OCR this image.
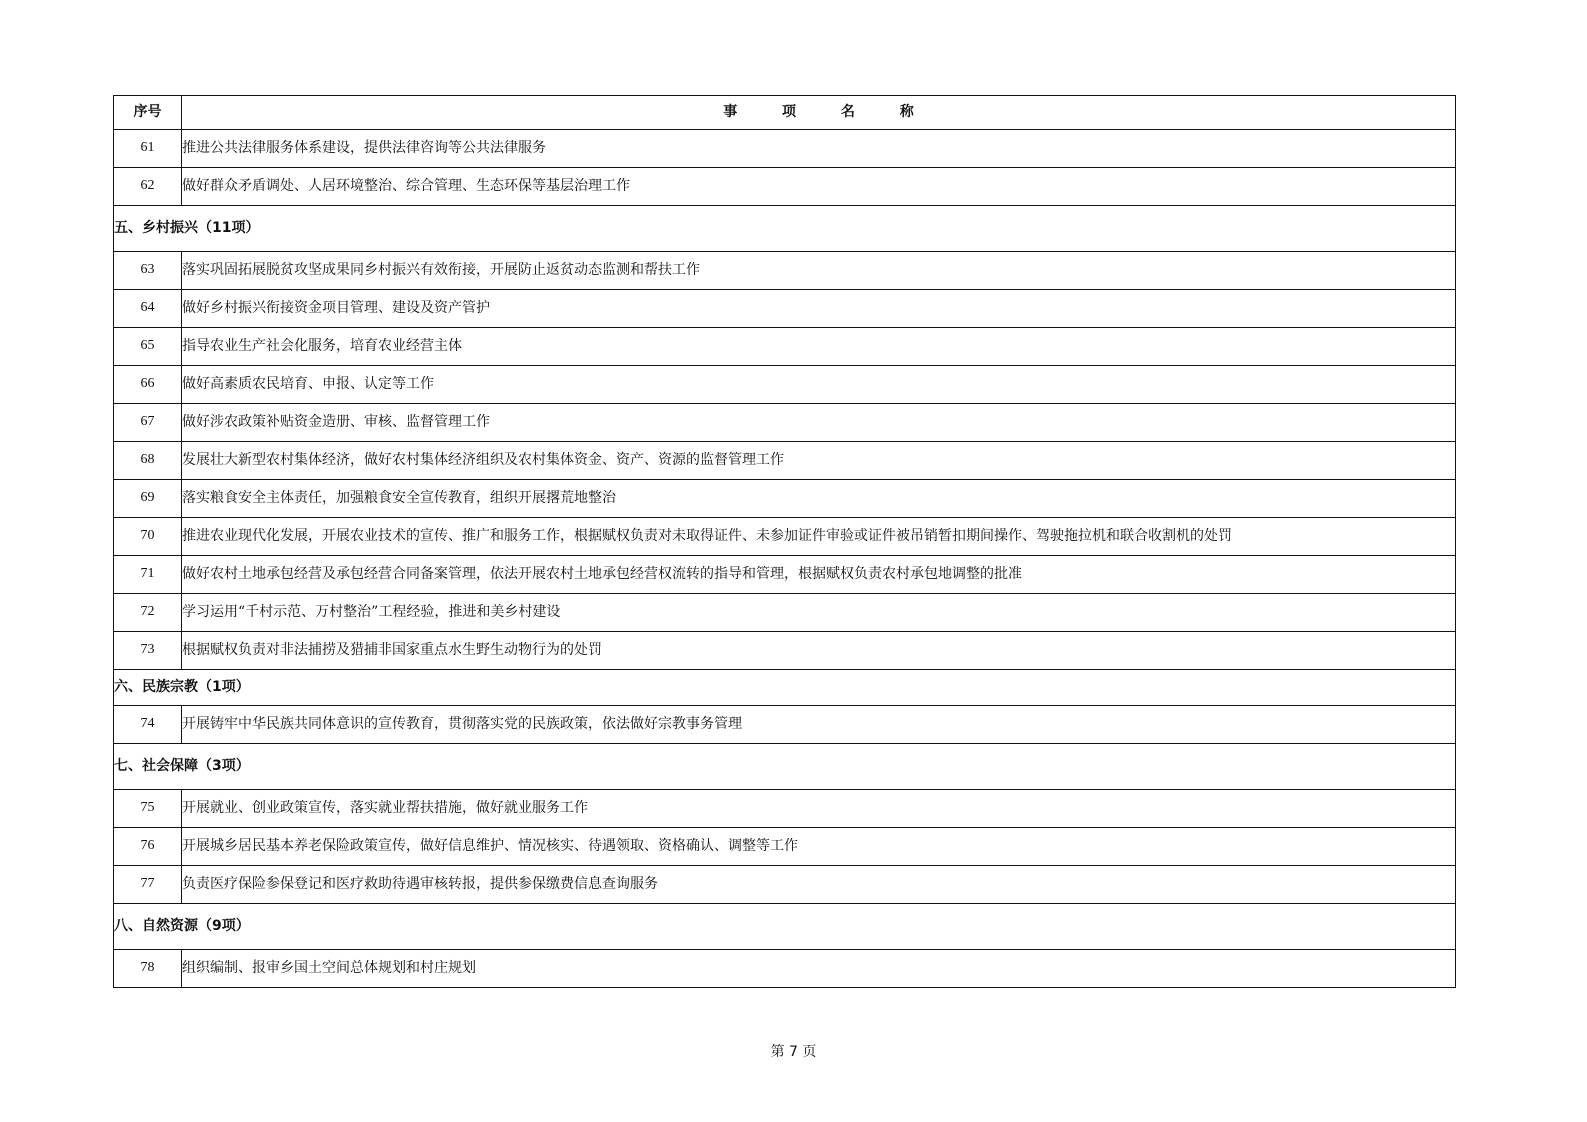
序号	事 项 名 称
61	推进公共法律服务体系建设，提供法律咨询等公共法律服务
62	做好群众矛盾调处、人居环境整治、综合管理、生态环保等基层治理工作
五、乡村振兴（11项）	
63	落实巩固拓展脱贫攻坚成果同乡村振兴有效衔接，开展防止返贫动态监测和帮扶工作
64	做好乡村振兴衔接资金项目管理、建设及资产管护
65	指导农业生产社会化服务，培育农业经营主体
66	做好高素质农民培育、申报、认定等工作
67	做好涉农政策补贴资金造册、审核、监督管理工作
68	发展壮大新型农村集体经济，做好农村集体经济组织及农村集体资金、资产、资源的监督管理工作
69	落实粮食安全主体责任，加强粮食安全宣传教育，组织开展撂荒地整治
70	推进农业现代化发展，开展农业技术的宣传、推广和服务工作，根据赋权负责对未取得证件、未参加证件审验或证件被吊销暂扣期间操作、驾驶拖拉机和联合收割机的处罚
71	做好农村土地承包经营及承包经营合同备案管理，依法开展农村土地承包经营权流转的指导和管理，根据赋权负责农村承包地调整的批准
72	学习运用“千村示范、万村整治”工程经验，推进和美乡村建设
73	根据赋权负责对非法捕捞及猎捕非国家重点水生野生动物行为的处罚
六、民族宗教（1项）	
74	开展铸牢中华民族共同体意识的宣传教育，贯彻落实党的民族政策，依法做好宗教事务管理
七、社会保障（3项）	
75	开展就业、创业政策宣传，落实就业帮扶措施，做好就业服务工作
76	开展城乡居民基本养老保险政策宣传，做好信息维护、情况核实、待遇领取、资格确认、调整等工作
77	负责医疗保险参保登记和医疗救助待遇审核转报，提供参保缴费信息查询服务
八、自然资源（9项）	
78	组织编制、报审乡国土空间总体规划和村庄规划
第 7 页
